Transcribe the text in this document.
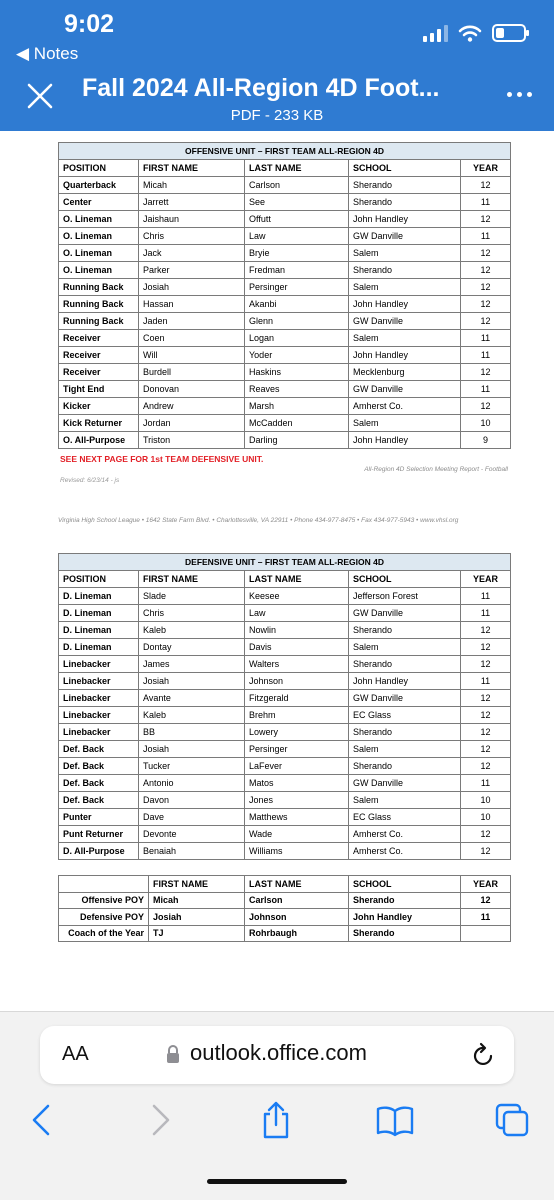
9:02
◀ Notes
Fall 2024 All-Region 4D Foot...
PDF - 233 KB
OFFENSIVE UNIT – FIRST TEAM ALL-REGION 4D				
POSITION	FIRST NAME	LAST NAME	SCHOOL	YEAR
Quarterback	Micah	Carlson	Sherando	12
Center	Jarrett	See	Sherando	11
O. Lineman	Jaishaun	Offutt	John Handley	12
O. Lineman	Chris	Law	GW Danville	11
O. Lineman	Jack	Bryie	Salem	12
O. Lineman	Parker	Fredman	Sherando	12
Running Back	Josiah	Persinger	Salem	12
Running Back	Hassan	Akanbi	John Handley	12
Running Back	Jaden	Glenn	GW Danville	12
Receiver	Coen	Logan	Salem	11
Receiver	Will	Yoder	John Handley	11
Receiver	Burdell	Haskins	Mecklenburg	12
Tight End	Donovan	Reaves	GW Danville	11
Kicker	Andrew	Marsh	Amherst Co.	12
Kick Returner	Jordan	McCadden	Salem	10
O. All-Purpose	Triston	Darling	John Handley	9
SEE NEXT PAGE FOR 1st TEAM DEFENSIVE UNIT.
Revised: 6/23/14 - js
All-Region 4D Selection Meeting Report - Football
Virginia High School League • 1642 State Farm Blvd. • Charlottesville, VA 22911 • Phone 434-977-8475 • Fax 434-977-5943 • www.vhsl.org
DEFENSIVE UNIT – FIRST TEAM ALL-REGION 4D				
POSITION	FIRST NAME	LAST NAME	SCHOOL	YEAR
D. Lineman	Slade	Keesee	Jefferson Forest	11
D. Lineman	Chris	Law	GW Danville	11
D. Lineman	Kaleb	Nowlin	Sherando	12
D. Lineman	Dontay	Davis	Salem	12
Linebacker	James	Walters	Sherando	12
Linebacker	Josiah	Johnson	John Handley	11
Linebacker	Avante	Fitzgerald	GW Danville	12
Linebacker	Kaleb	Brehm	EC Glass	12
Linebacker	BB	Lowery	Sherando	12
Def. Back	Josiah	Persinger	Salem	12
Def. Back	Tucker	LaFever	Sherando	12
Def. Back	Antonio	Matos	GW Danville	11
Def. Back	Davon	Jones	Salem	10
Punter	Dave	Matthews	EC Glass	10
Punt Returner	Devonte	Wade	Amherst Co.	12
D. All-Purpose	Benaiah	Williams	Amherst Co.	12
	FIRST NAME	LAST NAME	SCHOOL	YEAR
Offensive POY	Micah	Carlson	Sherando	12
Defensive POY	Josiah	Johnson	John Handley	11
Coach of the Year	TJ	Rohrbaugh	Sherando	
AA	outlook.office.com
